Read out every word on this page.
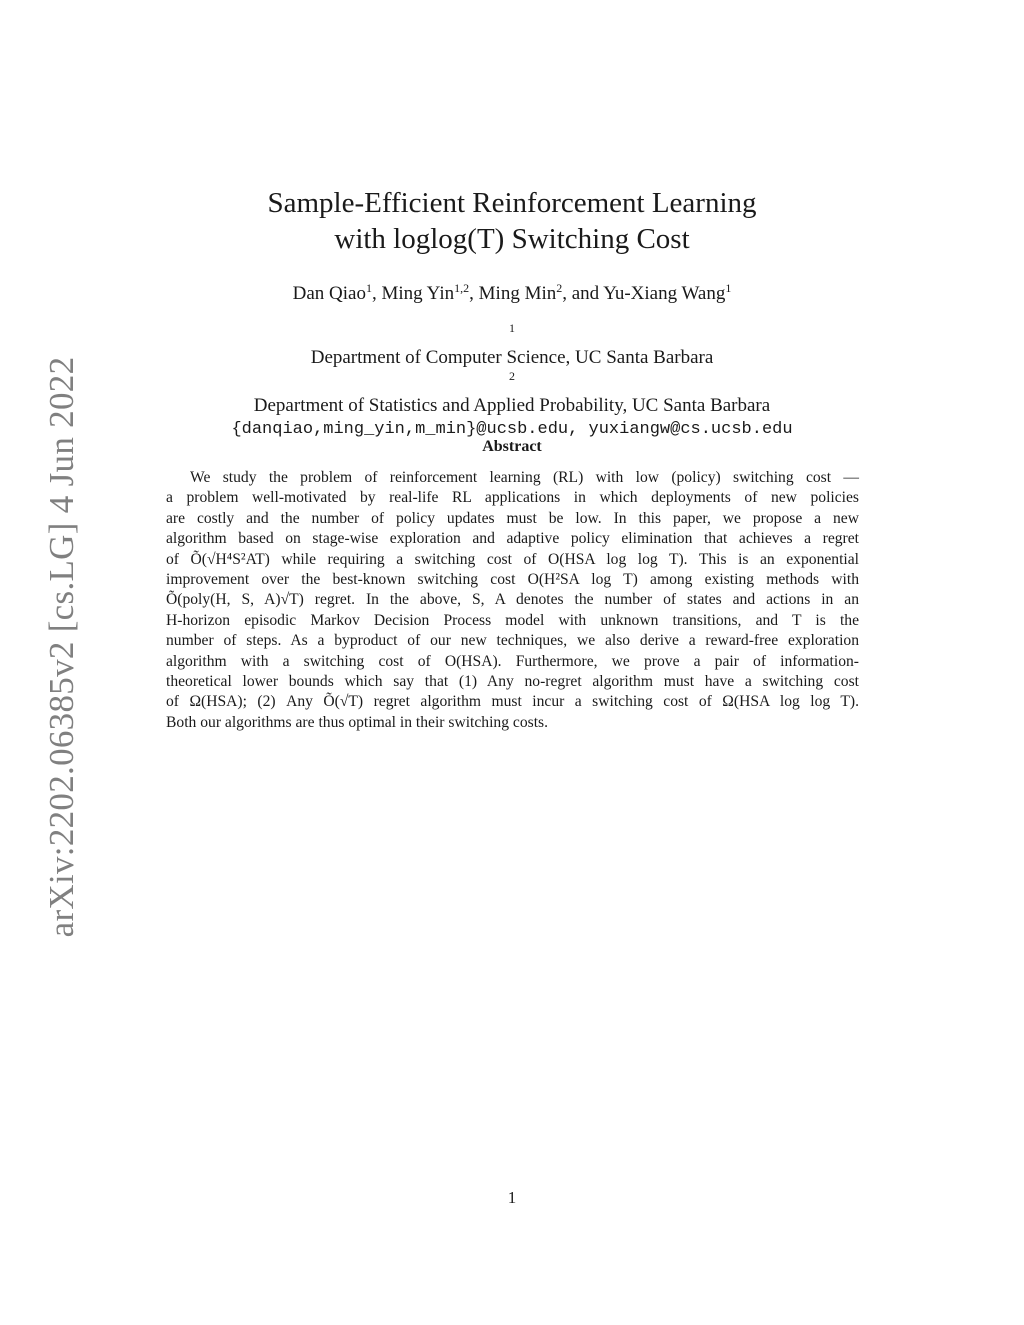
arXiv:2202.06385v2 [cs.LG] 4 Jun 2022
Sample-Efficient Reinforcement Learning
with loglog(T) Switching Cost
Dan Qiao$^1$, Ming Yin$^{1,2}$, Ming Min$^2$, and Yu-Xiang Wang$^1$
$^1$
Department of Computer Science, UC Santa Barbara
$^2$
Department of Statistics and Applied Probability, UC Santa Barbara
{danqiao,ming_yin,m_min}@ucsb.edu, yuxiangw@cs.ucsb.edu
Abstract
We study the problem of reinforcement learning (RL) with low (policy) switching cost —
a problem well-motivated by real-life RL applications in which deployments of new policies
are costly and the number of policy updates must be low. In this paper, we propose a new
algorithm based on stage-wise exploration and adaptive policy elimination that achieves a regret
of Õ(√H⁴S²AT) while requiring a switching cost of O(HSA log log T). This is an exponential
improvement over the best-known switching cost O(H²SA log T) among existing methods with
Õ(poly(H, S, A)√T) regret. In the above, S, A denotes the number of states and actions in an
H-horizon episodic Markov Decision Process model with unknown transitions, and T is the
number of steps. As a byproduct of our new techniques, we also derive a reward-free exploration
algorithm with a switching cost of O(HSA). Furthermore, we prove a pair of information-
theoretical lower bounds which say that (1) Any no-regret algorithm must have a switching cost
of Ω(HSA); (2) Any Õ(√T) regret algorithm must incur a switching cost of Ω(HSA log log T).
Both our algorithms are thus optimal in their switching costs.
1
